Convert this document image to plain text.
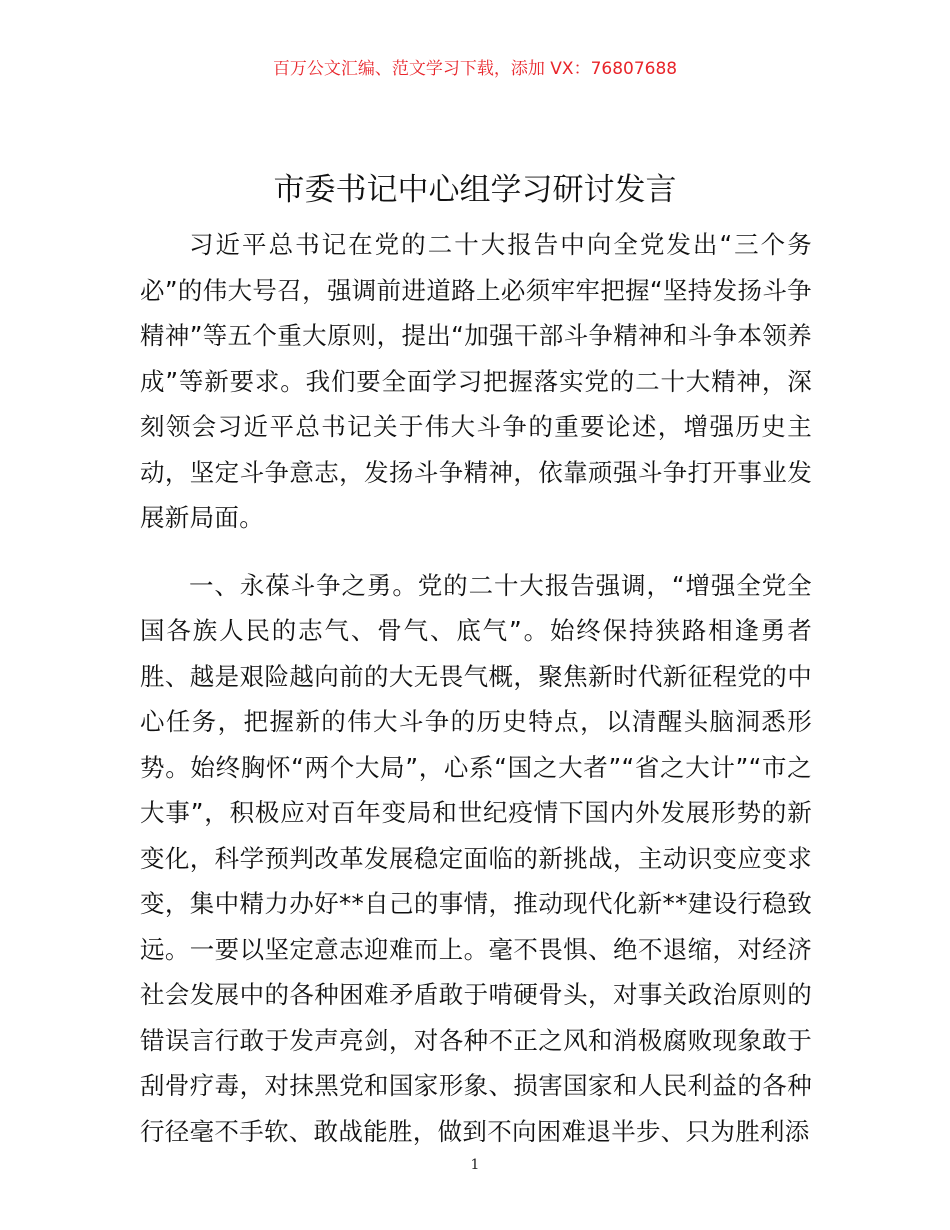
百万公文汇编、范文学习下载，添加 VX：76807688
市委书记中心组学习研讨发言

习近平总书记在党的二十大报告中向全党发出“三个务必”的伟大号召，强调前进道路上必须牢牢把握“坚持发扬斗争精神”等五个重大原则，提出“加强干部斗争精神和斗争本领养成”等新要求。我们要全面学习把握落实党的二十大精神，深刻领会习近平总书记关于伟大斗争的重要论述，增强历史主动，坚定斗争意志，发扬斗争精神，依靠顽强斗争打开事业发展新局面。

一、永葆斗争之勇。党的二十大报告强调，“增强全党全国各族人民的志气、骨气、底气”。始终保持狭路相逢勇者胜、越是艰险越向前的大无畏气概，聚焦新时代新征程党的中心任务，把握新的伟大斗争的历史特点，以清醒头脑洞悉形势。始终胸怀“两个大局”，心系“国之大者”“省之大计”“市之大事”，积极应对百年变局和世纪疫情下国内外发展形势的新变化，科学预判改革发展稳定面临的新挑战，主动识变应变求变，集中精力办好**自己的事情，推动现代化新**建设行稳致远。一要以坚定意志迎难而上。毫不畏惧、绝不退缩，对经济社会发展中的各种困难矛盾敢于啃硬骨头，对事关政治原则的错误言行敢于发声亮剑，对各种不正之风和消极腐败现象敢于刮骨疗毒，对抹黑党和国家形象、损害国家和人民利益的各种行径毫不手软、敢战能胜，做到不向困难退半步、只为胜利添

1
